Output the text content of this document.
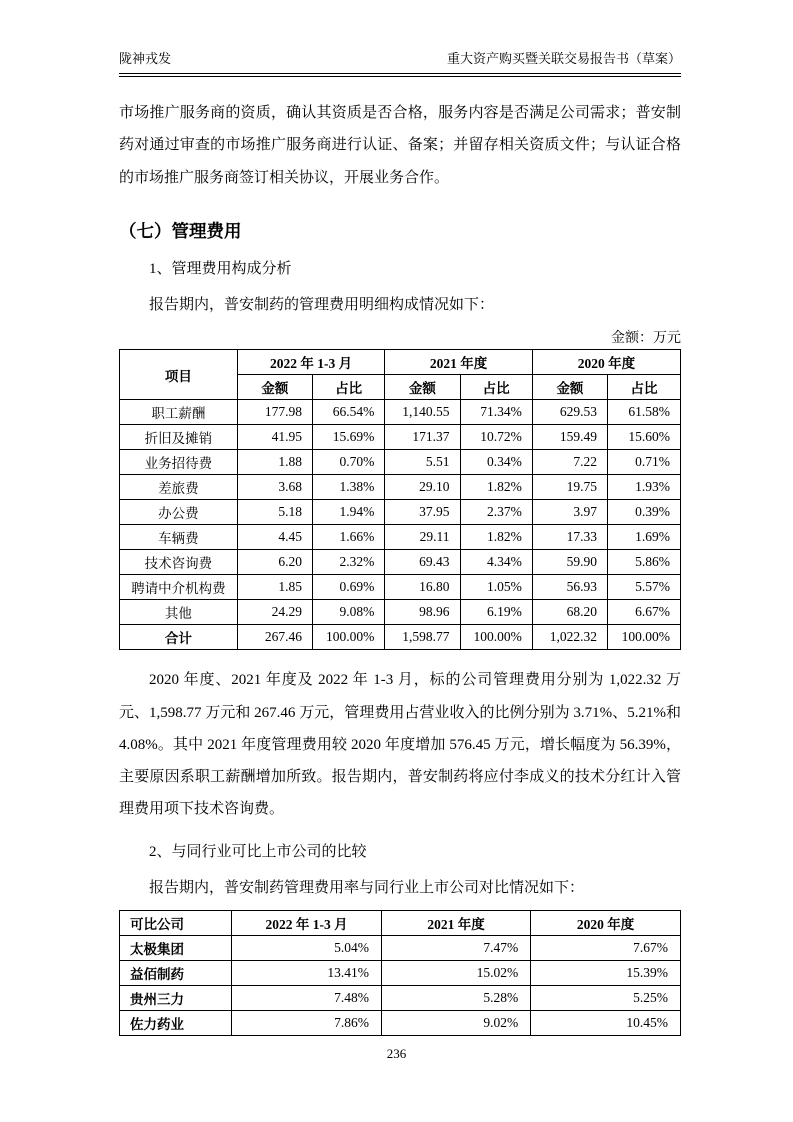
陇神戎发	重大资产购买暨关联交易报告书（草案）

市场推广服务商的资质，确认其资质是否合格，服务内容是否满足公司需求；普安制药对通过审查的市场推广服务商进行认证、备案；并留存相关资质文件；与认证合格的市场推广服务商签订相关协议，开展业务合作。

（七）管理费用

1、管理费用构成分析

报告期内，普安制药的管理费用明细构成情况如下：

金额：万元

项目	2022 年 1-3 月		2021 年度		2020 年度	
	金额	占比	金额	占比	金额	占比
职工薪酬	177.98	66.54%	1,140.55	71.34%	629.53	61.58%
折旧及摊销	41.95	15.69%	171.37	10.72%	159.49	15.60%
业务招待费	1.88	0.70%	5.51	0.34%	7.22	0.71%
差旅费	3.68	1.38%	29.10	1.82%	19.75	1.93%
办公费	5.18	1.94%	37.95	2.37%	3.97	0.39%
车辆费	4.45	1.66%	29.11	1.82%	17.33	1.69%
技术咨询费	6.20	2.32%	69.43	4.34%	59.90	5.86%
聘请中介机构费	1.85	0.69%	16.80	1.05%	56.93	5.57%
其他	24.29	9.08%	98.96	6.19%	68.20	6.67%
合计	267.46	100.00%	1,598.77	100.00%	1,022.32	100.00%

2020 年度、2021 年度及 2022 年 1-3 月，标的公司管理费用分别为 1,022.32 万元、1,598.77 万元和 267.46 万元，管理费用占营业收入的比例分别为 3.71%、5.21%和 4.08%。其中 2021 年度管理费用较 2020 年度增加 576.45 万元，增长幅度为 56.39%，主要原因系职工薪酬增加所致。报告期内，普安制药将应付李成义的技术分红计入管理费用项下技术咨询费。

2、与同行业可比上市公司的比较

报告期内，普安制药管理费用率与同行业上市公司对比情况如下：

可比公司	2022 年 1-3 月	2021 年度	2020 年度
太极集团	5.04%	7.47%	7.67%
益佰制药	13.41%	15.02%	15.39%
贵州三力	7.48%	5.28%	5.25%
佐力药业	7.86%	9.02%	10.45%
236
